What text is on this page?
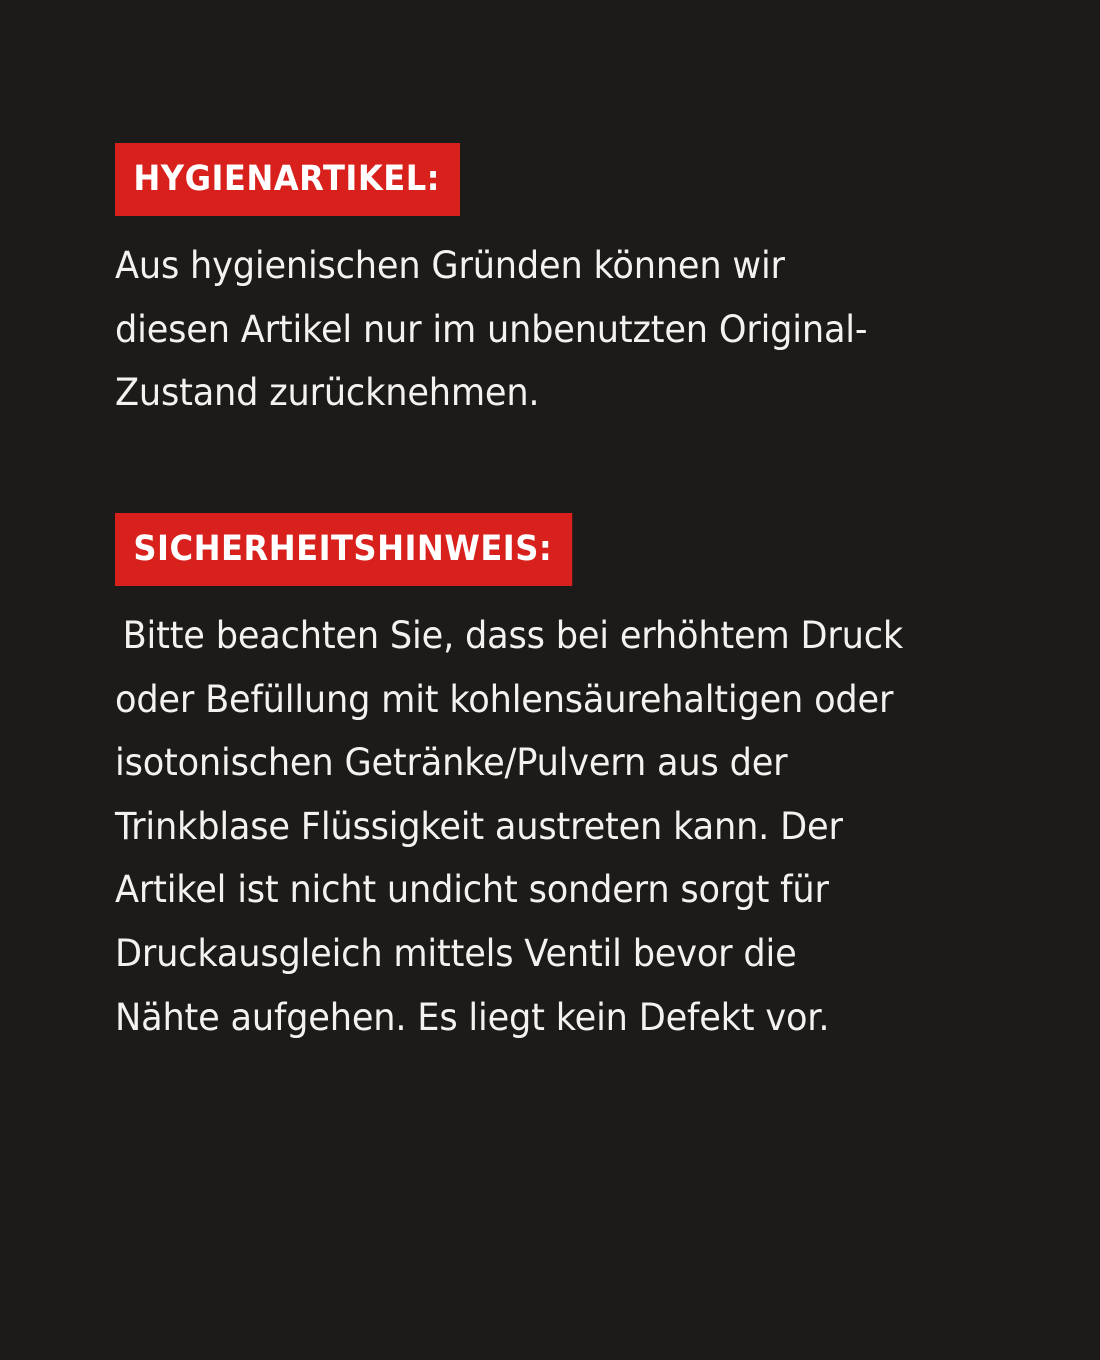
HYGIENARTIKEL:

Aus hygienischen Gründen können wir diesen Artikel nur im unbenutzten Original-Zustand zurücknehmen.

SICHERHEITSHINWEIS:

Bitte beachten Sie, dass bei erhöhtem Druck oder Befüllung mit kohlensäurehaltigen oder isotonischen Getränke/Pulvern aus der Trinkblase Flüssigkeit austreten kann. Der Artikel ist nicht undicht sondern sorgt für Druckausgleich mittels Ventil bevor die Nähte aufgehen. Es liegt kein Defekt vor.
